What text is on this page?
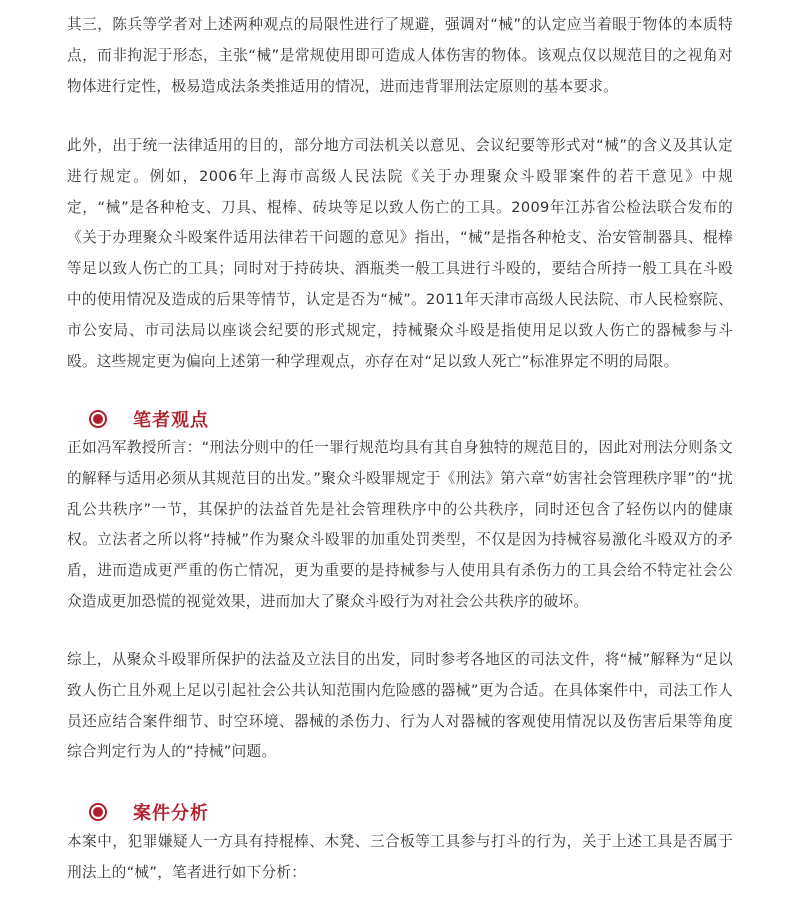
其三，陈兵等学者对上述两种观点的局限性进行了规避，强调对“械”的认定应当着眼于物体的本质特点，而非拘泥于形态，主张“械”是常规使用即可造成人体伤害的物体。该观点仅以规范目的之视角对物体进行定性，极易造成法条类推适用的情况，进而违背罪刑法定原则的基本要求。

此外，出于统一法律适用的目的，部分地方司法机关以意见、会议纪要等形式对“械”的含义及其认定进行规定。例如，2006年上海市高级人民法院《关于办理聚众斗殴罪案件的若干意见》中规定，“械”是各种枪支、刀具、棍棒、砖块等足以致人伤亡的工具。2009年江苏省公检法联合发布的《关于办理聚众斗殴案件适用法律若干问题的意见》指出，“械”是指各种枪支、治安管制器具、棍棒等足以致人伤亡的工具；同时对于持砖块、酒瓶类一般工具进行斗殴的，要结合所持一般工具在斗殴中的使用情况及造成的后果等情节，认定是否为“械”。2011年天津市高级人民法院、市人民检察院、市公安局、市司法局以座谈会纪要的形式规定，持械聚众斗殴是指使用足以致人伤亡的器械参与斗殴。这些规定更为偏向上述第一种学理观点，亦存在对“足以致人死亡”标准界定不明的局限。

笔者观点

正如冯军教授所言：“刑法分则中的任一罪行规范均具有其自身独特的规范目的，因此对刑法分则条文的解释与适用必须从其规范目的出发。”聚众斗殴罪规定于《刑法》第六章“妨害社会管理秩序罪”的“扰乱公共秩序”一节，其保护的法益首先是社会管理秩序中的公共秩序，同时还包含了轻伤以内的健康权。立法者之所以将“持械”作为聚众斗殴罪的加重处罚类型，不仅是因为持械容易激化斗殴双方的矛盾，进而造成更严重的伤亡情况，更为重要的是持械参与人使用具有杀伤力的工具会给不特定社会公众造成更加恐慌的视觉效果，进而加大了聚众斗殴行为对社会公共秩序的破坏。

综上，从聚众斗殴罪所保护的法益及立法目的出发，同时参考各地区的司法文件，将“械”解释为“足以致人伤亡且外观上足以引起社会公共认知范围内危险感的器械”更为合适。在具体案件中，司法工作人员还应结合案件细节、时空环境、器械的杀伤力、行为人对器械的客观使用情况以及伤害后果等角度综合判定行为人的“持械”问题。

案件分析

本案中，犯罪嫌疑人一方具有持棍棒、木凳、三合板等工具参与打斗的行为，关于上述工具是否属于刑法上的“械”，笔者进行如下分析：
